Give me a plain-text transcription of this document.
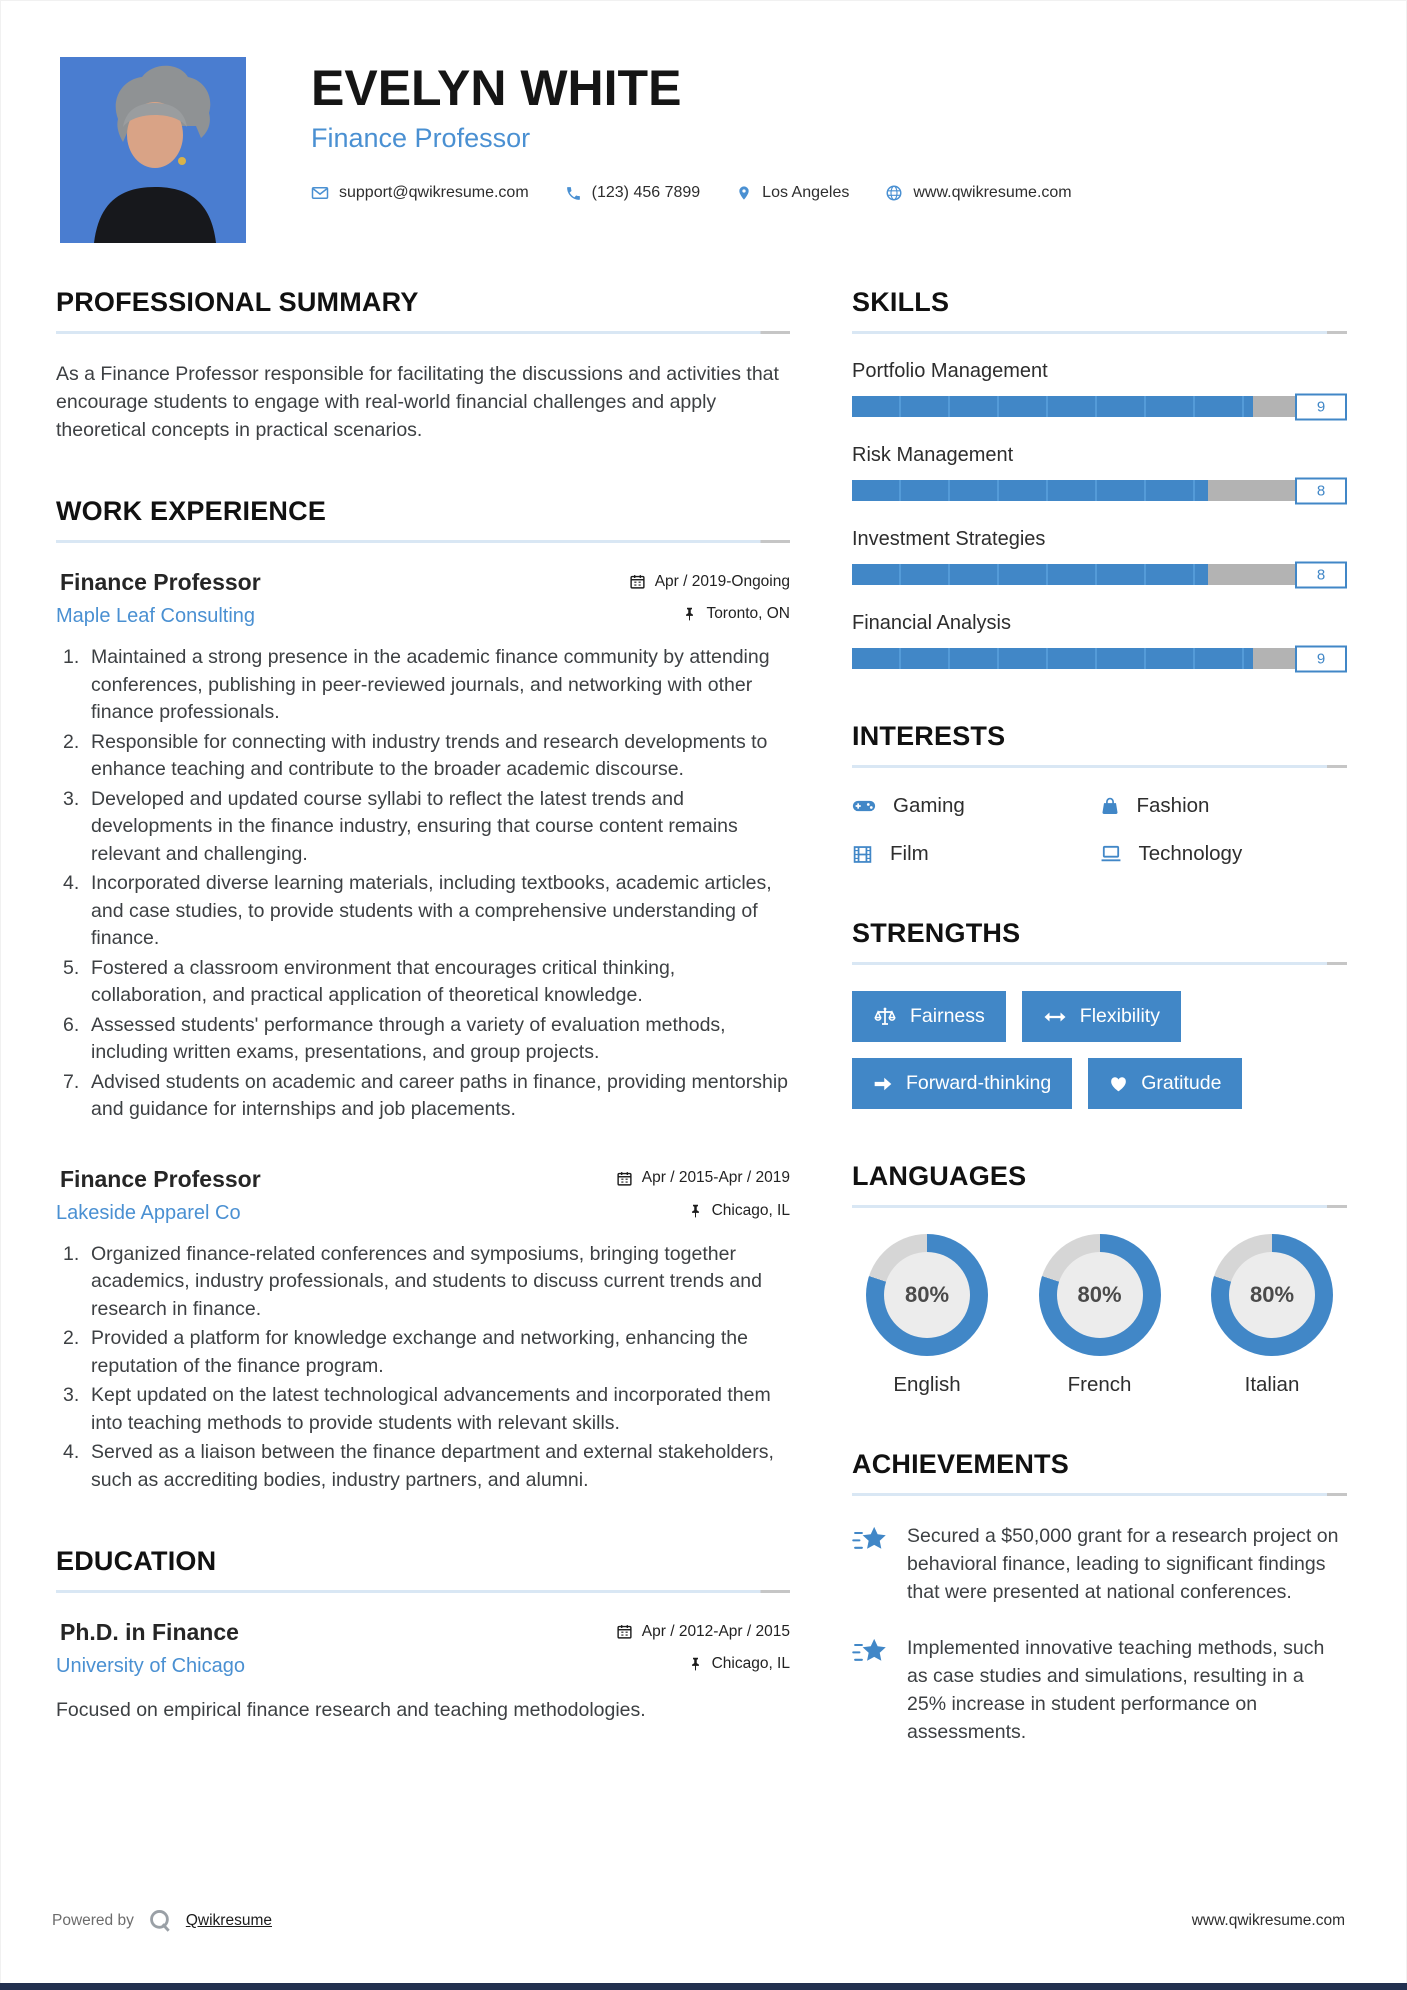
EVELYN WHITE
Finance Professor
support@qwikresume.com	(123) 456 7899	Los Angeles	www.qwikresume.com
PROFESSIONAL SUMMARY

As a Finance Professor responsible for facilitating the discussions and activities that encourage students to engage with real-world financial challenges and apply theoretical concepts in practical scenarios.

WORK EXPERIENCE
Finance Professor	Apr / 2019-Ongoing
Maple Leaf Consulting	Toronto, ON
Maintained a strong presence in the academic finance community by attending conferences, publishing in peer-reviewed journals, and networking with other finance professionals.
Responsible for connecting with industry trends and research developments to enhance teaching and contribute to the broader academic discourse.
Developed and updated course syllabi to reflect the latest trends and developments in the finance industry, ensuring that course content remains relevant and challenging.
Incorporated diverse learning materials, including textbooks, academic articles, and case studies, to provide students with a comprehensive understanding of finance.
Fostered a classroom environment that encourages critical thinking, collaboration, and practical application of theoretical knowledge.
Assessed students' performance through a variety of evaluation methods, including written exams, presentations, and group projects.
Advised students on academic and career paths in finance, providing mentorship and guidance for internships and job placements.
Finance Professor	Apr / 2015-Apr / 2019
Lakeside Apparel Co	Chicago, IL
Organized finance-related conferences and symposiums, bringing together academics, industry professionals, and students to discuss current trends and research in finance.
Provided a platform for knowledge exchange and networking, enhancing the reputation of the finance program.
Kept updated on the latest technological advancements and incorporated them into teaching methods to provide students with relevant skills.
Served as a liaison between the finance department and external stakeholders, such as accrediting bodies, industry partners, and alumni.
EDUCATION
Ph.D. in Finance	Apr / 2012-Apr / 2015
University of Chicago	Chicago, IL

Focused on empirical finance research and teaching methodologies.

SKILLS
Portfolio Management
9
Risk Management
8
Investment Strategies
8
Financial Analysis
9
INTERESTS
Gaming	Fashion
Film	Technology
STRENGTHS
Fairness	Flexibility
Forward-thinking	Gratitude
LANGUAGES
80%
English
80%
French
80%
Italian
ACHIEVEMENTS
Secured a $50,000 grant for a research project on behavioral finance, leading to significant findings that were presented at national conferences.
Implemented innovative teaching methods, such as case studies and simulations, resulting in a 25% increase in student performance on assessments.
Powered by	Qwikresume	www.qwikresume.com
